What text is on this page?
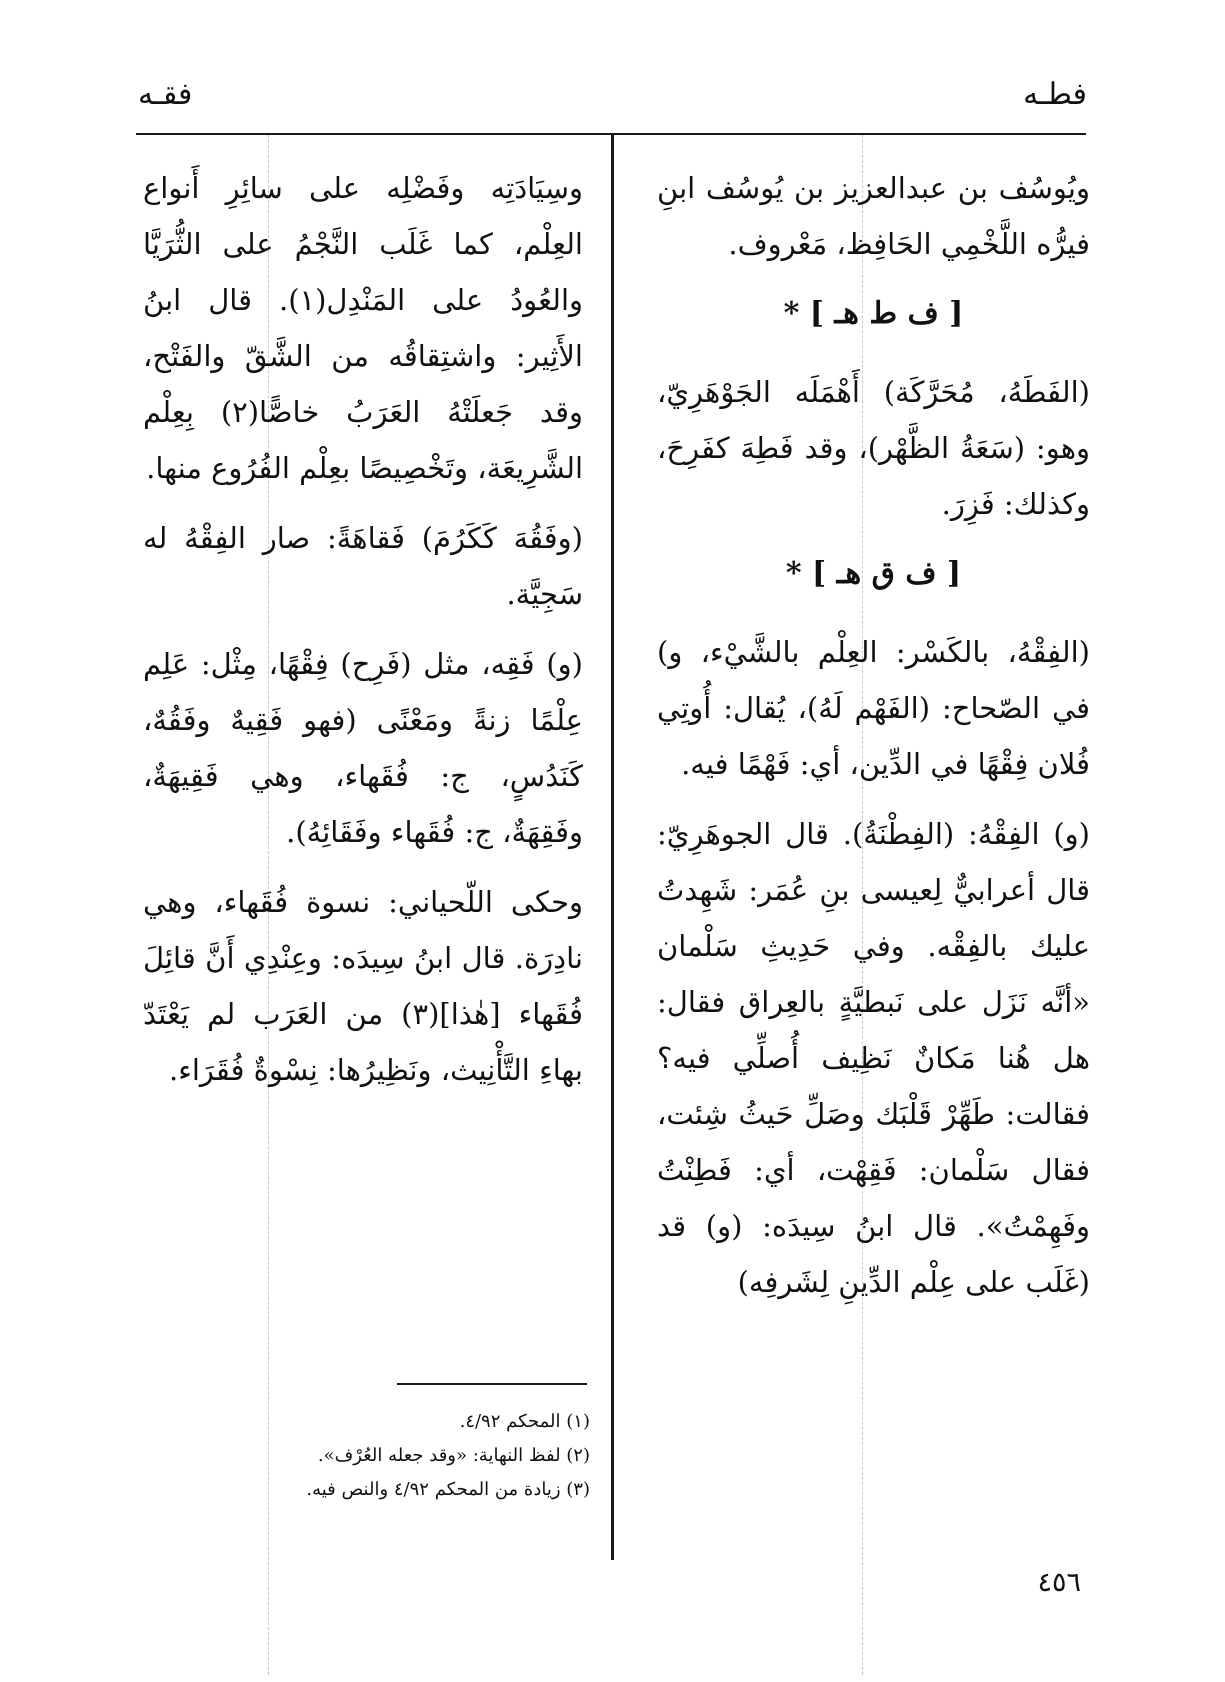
فطـه
فقـه

ويُوسُف بن عبدالعزيز بن يُوسُف ابنِ فيرُّه اللَّخْمِي الحَافِظ، مَعْروف.

[ ف ط هـ ] *

(الفَطَهُ، مُحَرَّكَة) أَهْمَلَه الجَوْهَرِيّ، وهو: (سَعَةُ الظَّهْر)، وقد فَطِهَ كفَرِحَ، وكذلك: فَزِرَ.

[ ف ق هـ ] *

(الفِقْهُ، بالكَسْر: العِلْم بالشَّيْء، و) في الصّحاح: (الفَهْم لَهُ)، يُقال: أُوتِي فُلان فِقْهًا في الدِّين، أي: فَهْمًا فيه.

(و) الفِقْهُ: (الفِطْنَةُ). قال الجوهَرِيّ: قال أعرابيٌّ لِعيسى بنِ عُمَر: شَهِدتُ عليك بالفِقْه. وفي حَدِيثِ سَلْمان «أنَّه نَزَل على نَبطيَّةٍ بالعِراق فقال: هل هُنا مَكانٌ نَظِيف أُصلِّي فيه؟ فقالت: طَهِّرْ قَلْبَك وصَلِّ حَيثُ شِئت، فقال سَلْمان: فَقِهْت، أي: فَطِنْتُ وفَهِمْتُ». قال ابنُ سِيدَه: (و) قد (غَلَب على عِلْم الدِّينِ لِشَرفِه)

وسِيَادَتِه وفَضْلِه على سائِرِ أَنواع العِلْم، كما غَلَب النَّجْمُ على الثُّرَيَّا والعُودُ على المَنْدِل(١). قال ابنُ الأَثِير: واشتِقاقُه من الشَّقّ والفَتْح، وقد جَعلَتْهُ العَرَبُ خاصًّا(٢) بِعِلْم الشَّرِيعَة، وتَخْصِيصًا بعِلْم الفُرُوع منها.

(وفَقُهَ كَكَرُمَ) فَقاهَةً: صار الفِقْهُ له سَجِيَّة.

(و) فَقِه، مثل (فَرِح) فِقْهًا، مِثْل: عَلِم عِلْمًا زنةً ومَعْنًى (فهو فَقِيهٌ وفَقُهٌ، كَنَدُسٍ، ج: فُقَهاء، وهي فَقِيهَةٌ، وفَقِهَةٌ، ج: فُقَهاء وفَقَائِهُ).

وحكى اللّحياني: نسوة فُقَهاء، وهي نادِرَة. قال ابنُ سِيدَه: وعِنْدِي أَنَّ قائِلَ فُقَهاء [هٰذا](٣) من العَرَب لم يَعْتَدّ بهاءِ التَّأْنِيث، ونَظِيرُها: نِسْوةٌ فُقَرَاء.

(١) المحكم ٤/٩٢.

(٢) لفظ النهاية: «وقد جعله العُرْف».

(٣) زيادة من المحكم ٤/٩٢ والنص فيه.

٤٥٦
